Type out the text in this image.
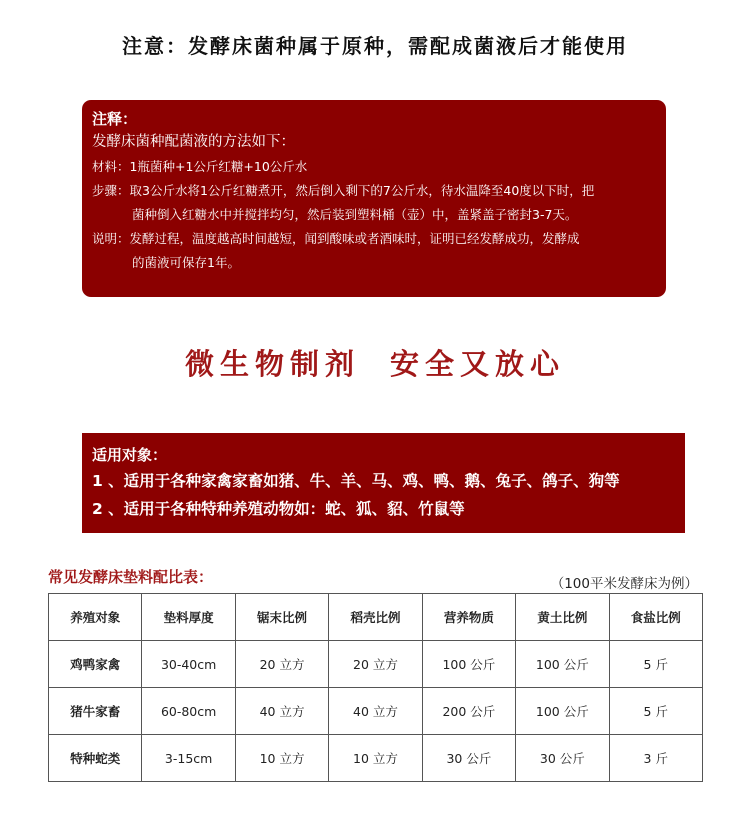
注意：发酵床菌种属于原种，需配成菌液后才能使用
注释：
发酵床菌种配菌液的方法如下：
材料：1瓶菌种+1公斤红糖+10公斤水
步骤：取3公斤水将1公斤红糖煮开，然后倒入剩下的7公斤水，待水温降至40度以下时，把
菌种倒入红糖水中并搅拌均匀，然后装到塑料桶（壶）中，盖紧盖子密封3-7天。
说明：发酵过程，温度越高时间越短，闻到酸味或者酒味时，证明已经发酵成功，发酵成
的菌液可保存1年。
微生物制剂 安全又放心
适用对象：
1 、适用于各种家禽家畜如猪、牛、羊、马、鸡、鸭、鹅、兔子、鸽子、狗等
2 、适用于各种特种养殖动物如：蛇、狐、貂、竹鼠等
常见发酵床垫料配比表：	（100平米发酵床为例）
养殖对象	垫料厚度	锯末比例	稻壳比例	营养物质	黄土比例	食盐比例
鸡鸭家禽	30-40cm	20 立方	20 立方	100 公斤	100 公斤	5 斤
猪牛家畜	60-80cm	40 立方	40 立方	200 公斤	100 公斤	5 斤
特种蛇类	3-15cm	10 立方	10 立方	30 公斤	30 公斤	3 斤
